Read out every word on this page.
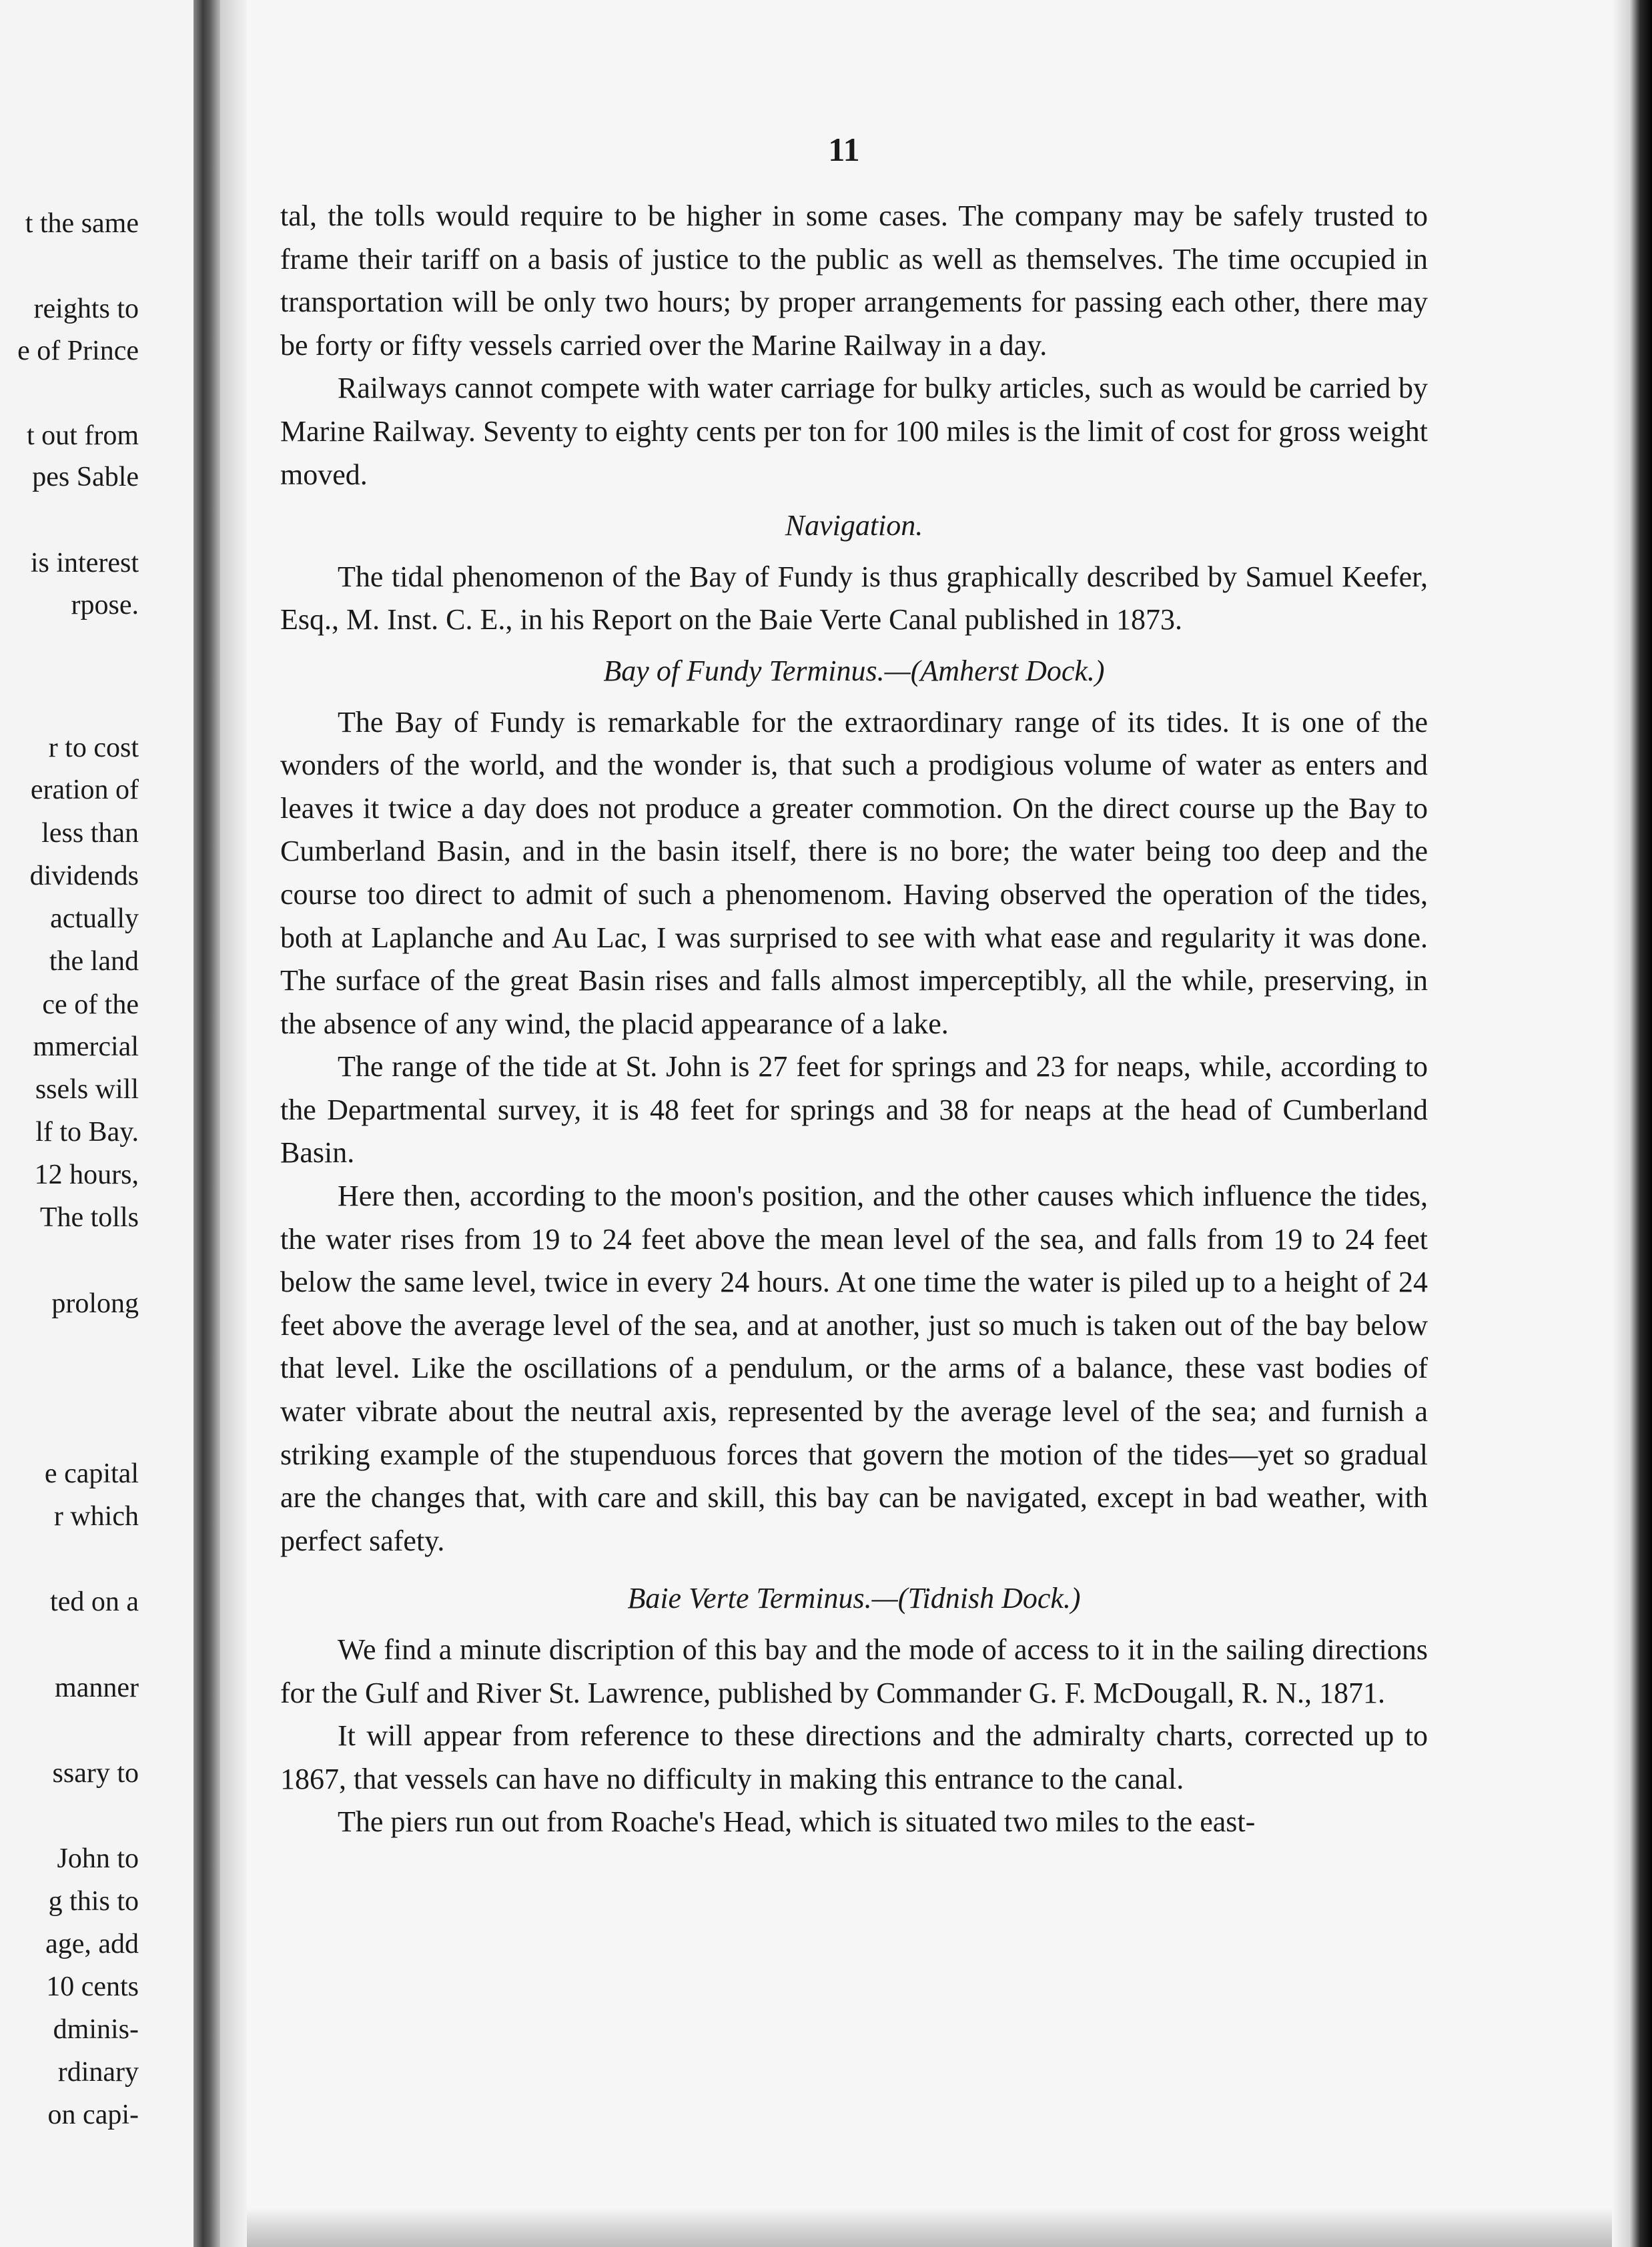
t the same
reights to
e of Prince
t out from
pes Sable
is interest
rpose.
r to cost
eration of
less than
dividends
actually
the land
ce of the
mmercial
ssels will
lf to Bay.
12 hours,
The tolls
prolong
e capital
r which
ted on a
manner
ssary to
John to
g this to
age, add
10 cents
dminis-
rdinary
on capi-
11

tal, the tolls would require to be higher in some cases. The company may be safely trusted to frame their tariff on a basis of justice to the public as well as themselves. The time occupied in transportation will be only two hours; by proper arrangements for passing each other, there may be forty or fifty vessels carried over the Marine Railway in a day.

Railways cannot compete with water carriage for bulky articles, such as would be carried by Marine Railway. Seventy to eighty cents per ton for 100 miles is the limit of cost for gross weight moved.

Navigation.

The tidal phenomenon of the Bay of Fundy is thus graphically described by Samuel Keefer, Esq., M. Inst. C. E., in his Report on the Baie Verte Canal published in 1873.

Bay of Fundy Terminus.—(Amherst Dock.)

The Bay of Fundy is remarkable for the extraordinary range of its tides. It is one of the wonders of the world, and the wonder is, that such a prodigious volume of water as enters and leaves it twice a day does not produce a greater commotion. On the direct course up the Bay to Cumberland Basin, and in the basin itself, there is no bore; the water being too deep and the course too direct to admit of such a phenomenom. Having observed the operation of the tides, both at Laplanche and Au Lac, I was surprised to see with what ease and regularity it was done. The surface of the great Basin rises and falls almost imperceptibly, all the while, preserving, in the absence of any wind, the placid appearance of a lake.

The range of the tide at St. John is 27 feet for springs and 23 for neaps, while, according to the Departmental survey, it is 48 feet for springs and 38 for neaps at the head of Cumberland Basin.

Here then, according to the moon's position, and the other causes which influence the tides, the water rises from 19 to 24 feet above the mean level of the sea, and falls from 19 to 24 feet below the same level, twice in every 24 hours. At one time the water is piled up to a height of 24 feet above the average level of the sea, and at another, just so much is taken out of the bay below that level. Like the oscillations of a pendulum, or the arms of a balance, these vast bodies of water vibrate about the neutral axis, represented by the average level of the sea; and furnish a striking example of the stupenduous forces that govern the motion of the tides—yet so gradual are the changes that, with care and skill, this bay can be navigated, except in bad weather, with perfect safety.

Baie Verte Terminus.—(Tidnish Dock.)

We find a minute discription of this bay and the mode of access to it in the sailing directions for the Gulf and River St. Lawrence, published by Commander G. F. McDougall, R. N., 1871.

It will appear from reference to these directions and the admiralty charts, corrected up to 1867, that vessels can have no difficulty in making this entrance to the canal.

The piers run out from Roache's Head, which is situated two miles to the east-
